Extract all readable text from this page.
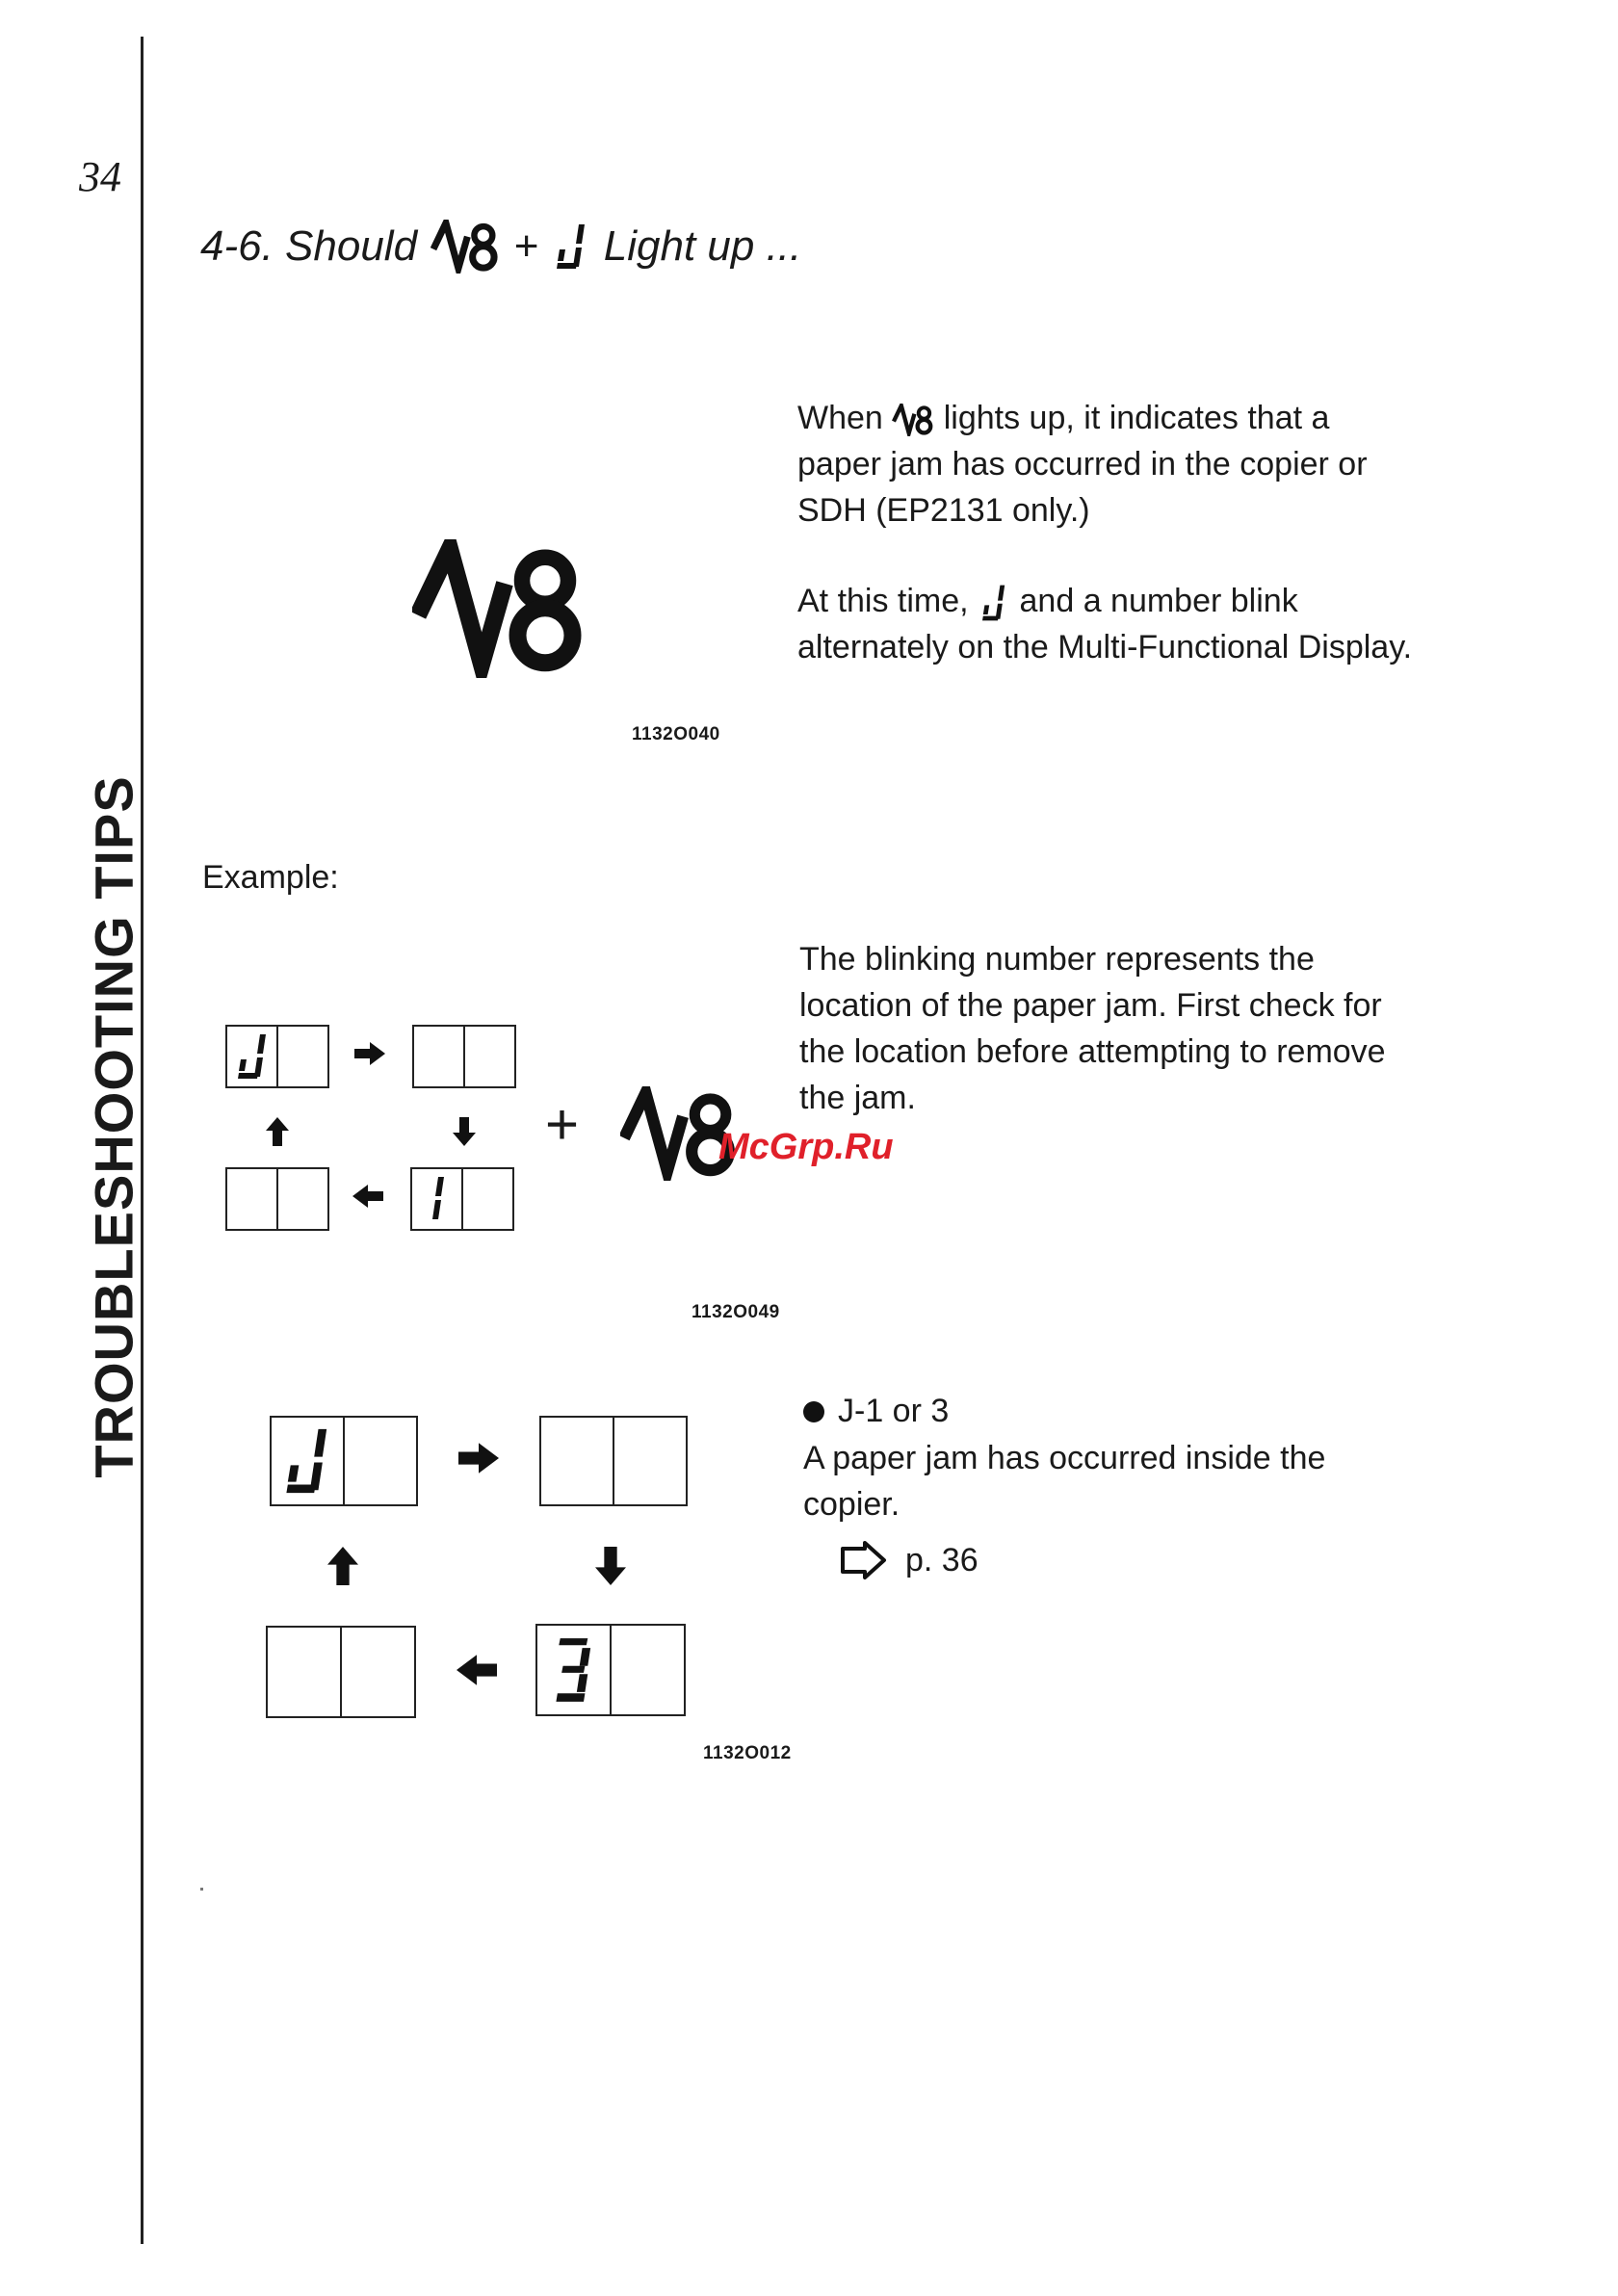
34
TROUBLESHOOTING TIPS
4-6. Should + Light up ...
1132O040
When lights up, it indicates that a paper jam has occurred in the copier or SDH (EP2131 only.)
At this time, and a number blink alternately on the Multi-Functional Display.
Example:
+	McGrp.Ru
1132O049
The blinking number represents the location of the paper jam. First check for the location before attempting to remove the jam.
1132O012
J-1 or 3
A paper jam has occurred inside the copier.
p. 36
